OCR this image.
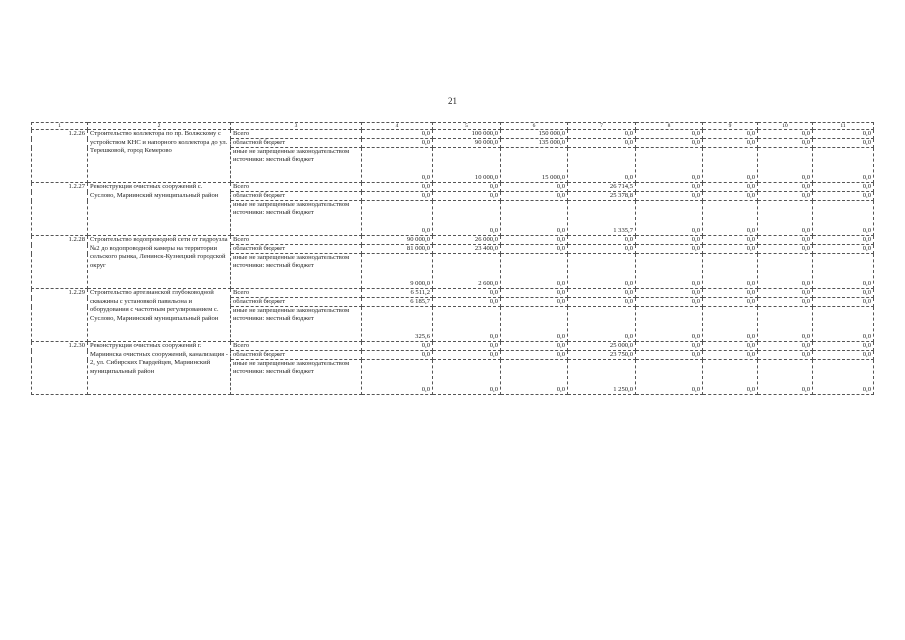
21
1	2	3	4	5	6	7	8	9	10	11
1.2.26	Строительство коллектора по пр. Волжскому с устройством КНС и напорного коллектора до ул. Терешковой, город Кемерово	Всего	0,0	100 000,0	150 000,0	0,0	0,0	0,0	0,0	0,0
		областной бюджет	0,0	90 000,0	135 000,0	0,0	0,0	0,0	0,0	0,0
		иные не запрещенные законодательством источники: местный бюджет	0,0	10 000,0	15 000,0	0,0	0,0	0,0	0,0	0,0
1.2.27	Реконструкция очистных сооружений с. Суслово, Мариинский муниципальный район	Всего	0,0	0,0	0,0	26 714,5	0,0	0,0	0,0	0,0
		областной бюджет	0,0	0,0	0,0	25 378,8	0,0	0,0	0,0	0,0
		иные не запрещенные законодательством источники: местный бюджет	0,0	0,0	0,0	1 335,7	0,0	0,0	0,0	0,0
1.2.28	Строительство водопроводной сети от гидроузла №2 до водопроводной камеры на территории сельского рынка, Ленинск-Кузнецкий городской округ	Всего	90 000,0	26 000,0	0,0	0,0	0,0	0,0	0,0	0,0
		областной бюджет	81 000,0	23 400,0	0,0	0,0	0,0	0,0	0,0	0,0
		иные не запрещенные законодательством источники: местный бюджет	9 000,0	2 600,0	0,0	0,0	0,0	0,0	0,0	0,0
1.2.29	Строительство артезианской глубоководной скважины с установкой павильона и оборудования с частотным регулированием с. Суслово, Мариинский муниципальный район	Всего	6 511,2	0,0	0,0	0,0	0,0	0,0	0,0	0,0
		областной бюджет	6 185,7	0,0	0,0	0,0	0,0	0,0	0,0	0,0
		иные не запрещенные законодательством источники: местный бюджет	325,6	0,0	0,0	0,0	0,0	0,0	0,0	0,0
1.2.30	Реконструкция очистных сооружений г. Мариинска очистных сооружений, канализация - 2, ул. Сибирских Гвардейцев, Мариинский муниципальный район	Всего	0,0	0,0	0,0	25 000,0	0,0	0,0	0,0	0,0
		областной бюджет	0,0	0,0	0,0	23 750,0	0,0	0,0	0,0	0,0
		иные не запрещенные законодательством источники: местный бюджет	0,0	0,0	0,0	1 250,0	0,0	0,0	0,0	0,0
